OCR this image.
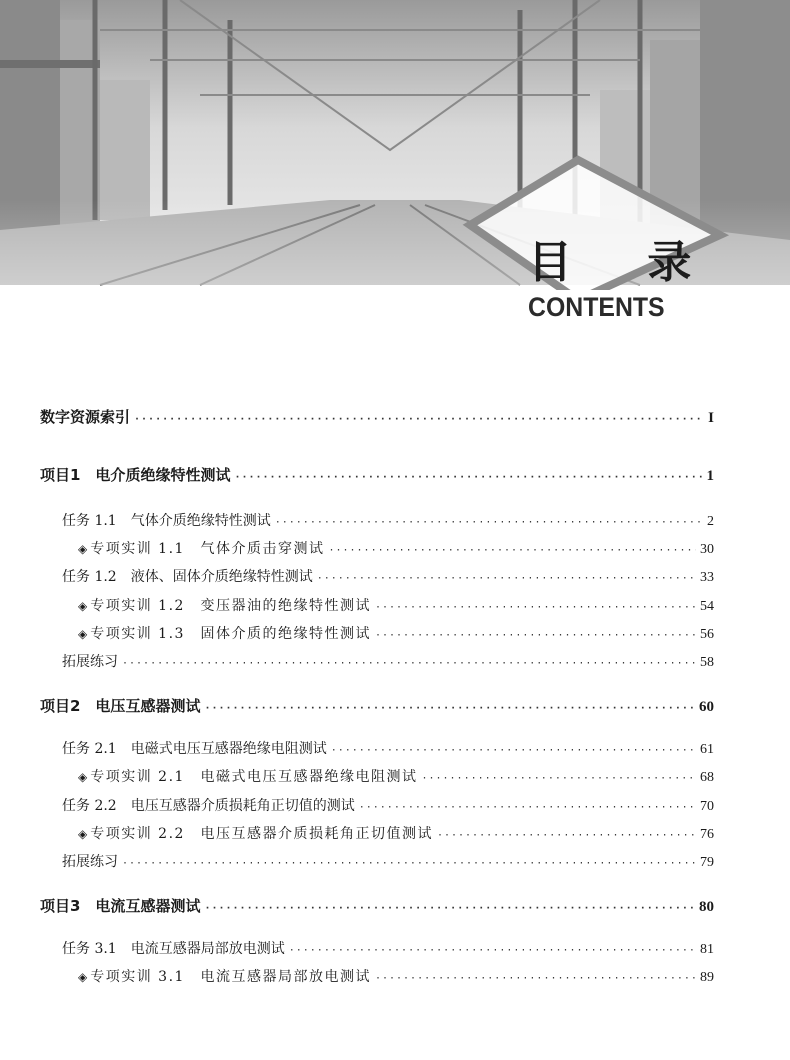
目 录
CONTENTS
数字资源索引 ·····	I
项目1　电介质绝缘特性测试 ·····	1
任务 1.1　气体介质绝缘特性测试 ·····	2
◈ 专项实训 1.1　气体介质击穿测试 ·····	30
任务 1.2　液体、固体介质绝缘特性测试 ·····	33
◈ 专项实训 1.2　变压器油的绝缘特性测试 ·····	54
◈ 专项实训 1.3　固体介质的绝缘特性测试 ·····	56
拓展练习 ·····	58
项目2　电压互感器测试 ·····	60
任务 2.1　电磁式电压互感器绝缘电阻测试 ·····	61
◈ 专项实训 2.1　电磁式电压互感器绝缘电阻测试 ·····	68
任务 2.2　电压互感器介质损耗角正切值的测试 ·····	70
◈ 专项实训 2.2　电压互感器介质损耗角正切值测试 ·····	76
拓展练习 ·····	79
项目3　电流互感器测试 ·····	80
任务 3.1　电流互感器局部放电测试 ·····	81
◈ 专项实训 3.1　电流互感器局部放电测试 ·····	89
